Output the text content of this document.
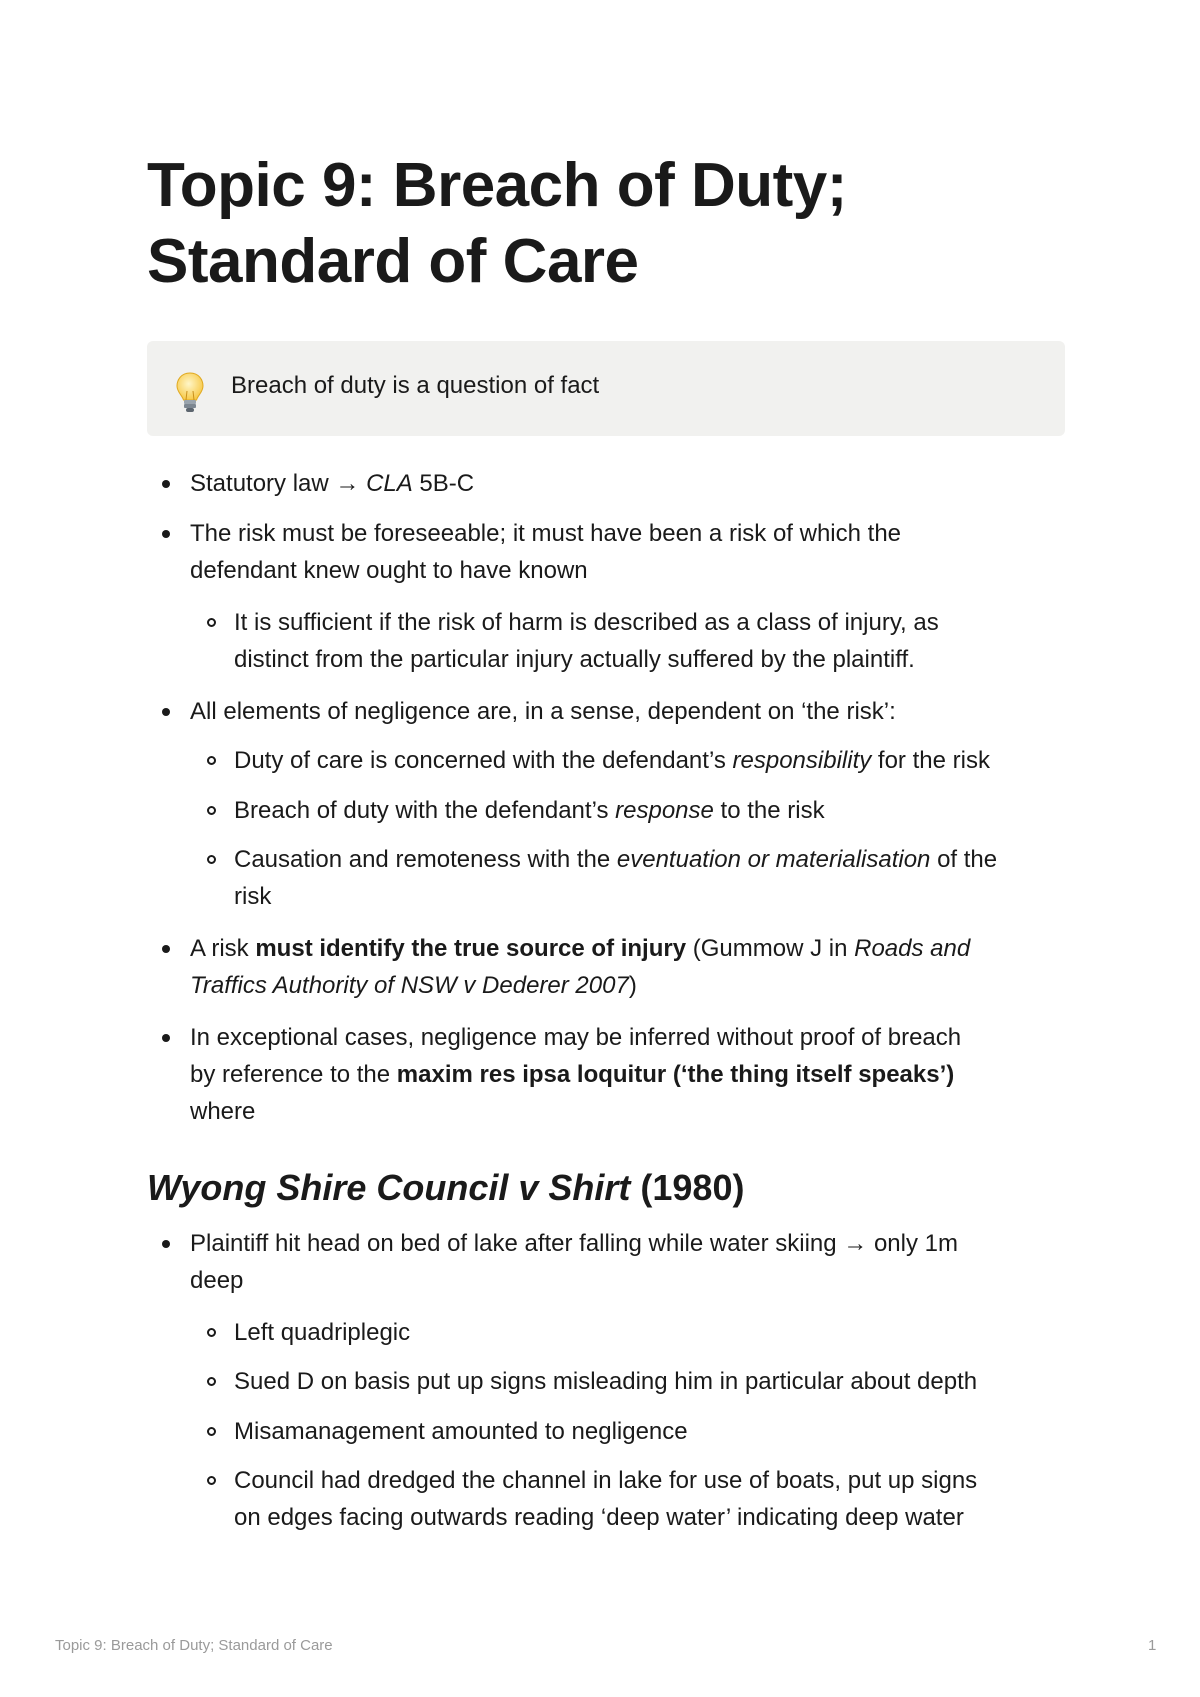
Topic 9: Breach of Duty;
Standard of Care
Breach of duty is a question of fact
Statutory law → CLA 5B-C
The risk must be foreseeable; it must have been a risk of which the
defendant knew ought to have known
It is sufficient if the risk of harm is described as a class of injury, as
distinct from the particular injury actually suffered by the plaintiff.
All elements of negligence are, in a sense, dependent on ‘the risk’:
Duty of care is concerned with the defendant’s responsibility for the risk
Breach of duty with the defendant’s response to the risk
Causation and remoteness with the eventuation or materialisation of the
risk
A risk must identify the true source of injury (Gummow J in Roads and
Traffics Authority of NSW v Dederer 2007)
In exceptional cases, negligence may be inferred without proof of breach
by reference to the maxim res ipsa loquitur (‘the thing itself speaks’)
where
Wyong Shire Council v Shirt (1980)
Plaintiff hit head on bed of lake after falling while water skiing → only 1m
deep
Left quadriplegic
Sued D on basis put up signs misleading him in particular about depth
Misamanagement amounted to negligence
Council had dredged the channel in lake for use of boats, put up signs
on edges facing outwards reading ‘deep water’ indicating deep water
Topic 9: Breach of Duty; Standard of Care	1
